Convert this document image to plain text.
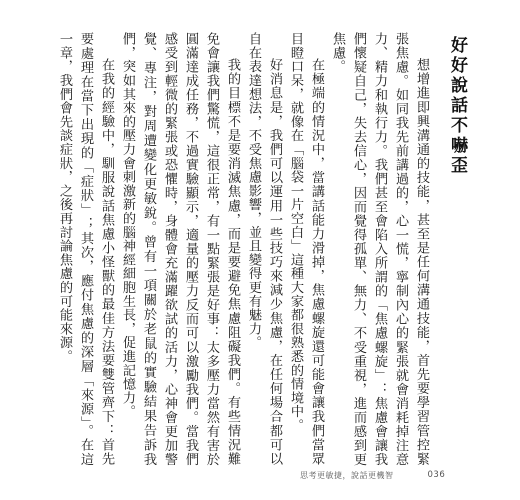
好好說話不嚇歪

想增進即興溝通的技能，甚至是任何溝通技能，首先要學習管控緊張焦慮。如同我先前講過的，心一慌，寧制內心的緊張就會消耗掉注意力、精力和執行力。我們甚至會陷入所謂的「焦慮螺旋」：焦慮會讓我們懷疑自己，失去信心，因而覺得孤單、無力、不受重視，進而感到更焦慮。

在極端的情況中，當講話能力滑掉，焦慮螺旋還可能會讓我們當眾目瞪口呆，就像在「腦袋一片空白」這種大家都很熟悉的情境中。

好消息是，我們可以運用一些技巧來減少焦慮，在任何場合都可以自在表達想法，不受焦慮影響，並且變得更有魅力。

我的目標不是要消滅焦慮，而是要避免焦慮阻礙我們。有些情況難免會讓我們驚慌，這很正常，有一點緊張是好事：太多壓力當然有害於圓滿達成任務，不過實驗顯示，適量的壓力反而可以激勵我們。當我們感受到輕微的緊張或恐懼時，身體會充滿躍欲試的活力，心神會更加警覺、專注，對周遭變化更敏銳。曾有一項關於老鼠的實驗結果告訴我們，突如其來的壓力會刺激新的腦神經細胞生長，促進記憶力。

在我的經驗中，馴服說話焦慮小怪獸的最佳方法要雙管齊下：首先要處理在當下出現的「症狀」；其次，應付焦慮的深層「來源」。在這一章，我們會先談症狀，之後再討論焦慮的可能來源。

思考更敏捷，說話更機智	036
